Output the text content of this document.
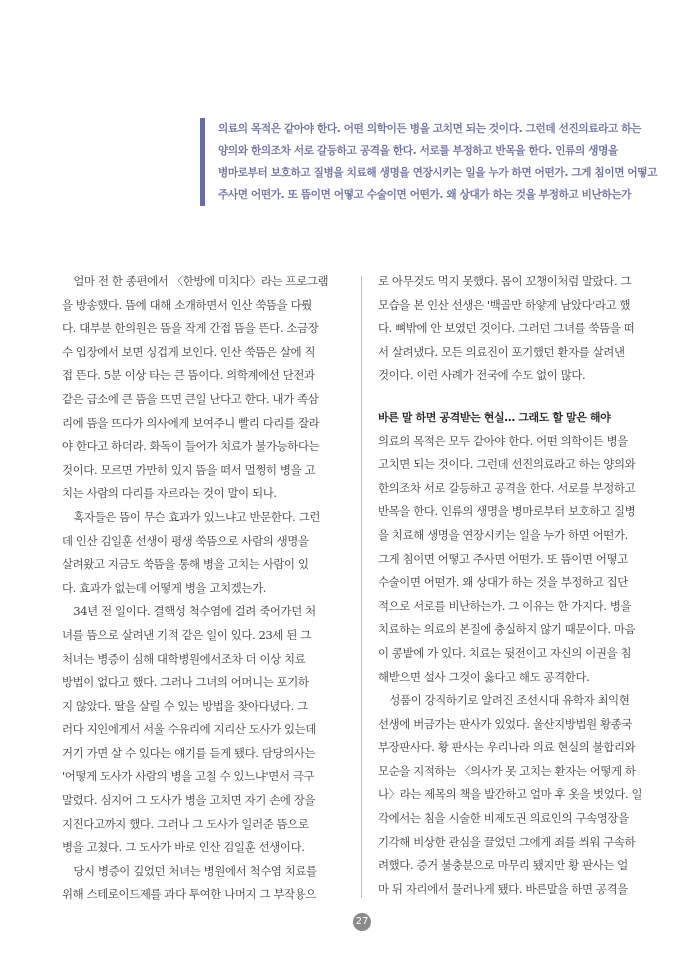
의료의 목적은 같아야 한다. 어떤 의학이든 병을 고치면 되는 것이다. 그런데 선진의료라고 하는
양의와 한의조차 서로 갈등하고 공격을 한다. 서로를 부정하고 반목을 한다. 인류의 생명을
병마로부터 보호하고 질병을 치료해 생명을 연장시키는 일을 누가 하면 어떤가. 그게 침이면 어떻고
주사면 어떤가. 또 뜸이면 어떻고 수술이면 어떤가. 왜 상대가 하는 것을 부정하고 비난하는가
얼마 전 한 종편에서 〈한방에 미치다〉라는 프로그램
을 방송했다. 뜸에 대해 소개하면서 인산 쑥뜸을 다뤘
다. 대부분 한의원은 뜸을 작게 간접 뜸을 뜬다. 소금장
수 입장에서 보면 싱겁게 보인다. 인산 쑥뜸은 살에 직
접 뜬다. 5분 이상 타는 큰 뜸이다. 의학계에선 단전과
같은 급소에 큰 뜸을 뜨면 큰일 난다고 한다. 내가 족삼
리에 뜸을 뜨다가 의사에게 보여주니 빨리 다리를 잘라
야 한다고 하더라. 화독이 들어가 치료가 불가능하다는
것이다. 모르면 가만히 있지 뜸을 떠서 멀쩡히 병을 고
치는 사람의 다리를 자르라는 것이 말이 되나.
혹자들은 뜸이 무슨 효과가 있느냐고 반문한다. 그런
데 인산 김일훈 선생이 평생 쑥뜸으로 사람의 생명을
살려왔고 지금도 쑥뜸을 통해 병을 고치는 사람이 있
다. 효과가 없는데 어떻게 병을 고치겠는가.
34년 전 일이다. 결핵성 척수염에 걸려 죽어가던 처
녀를 뜸으로 살려낸 기적 같은 일이 있다. 23세 된 그
처녀는 병증이 심해 대학병원에서조차 더 이상 치료
방법이 없다고 했다. 그러나 그녀의 어머니는 포기하
지 않았다. 딸을 살릴 수 있는 방법을 찾아다녔다. 그
러다 지인에게서 서울 수유리에 지리산 도사가 있는데
거기 가면 살 수 있다는 얘기를 듣게 됐다. 담당의사는
'어떻게 도사가 사람의 병을 고칠 수 있느냐'면서 극구
말렸다. 심지어 그 도사가 병을 고치면 자기 손에 장을
지진다고까지 했다. 그러나 그 도사가 일러준 뜸으로
병을 고쳤다. 그 도사가 바로 인산 김일훈 선생이다.
당시 병증이 깊었던 처녀는 병원에서 척수염 치료를
위해 스테로이드제를 과다 투여한 나머지 그 부작용으
로 아무것도 먹지 못했다. 몸이 꼬챙이처럼 말랐다. 그
모습을 본 인산 선생은 '백골만 하얗게 남았다'라고 했
다. 뼈밖에 안 보였던 것이다. 그러던 그녀를 쑥뜸을 떠
서 살려냈다. 모든 의료진이 포기했던 환자를 살려낸
것이다. 이런 사례가 전국에 수도 없이 많다.
바른 말 하면 공격받는 현실… 그래도 할 말은 해야
의료의 목적은 모두 같아야 한다. 어떤 의학이든 병을
고치면 되는 것이다. 그런데 선진의료라고 하는 양의와
한의조차 서로 갈등하고 공격을 한다. 서로를 부정하고
반목을 한다. 인류의 생명을 병마로부터 보호하고 질병
을 치료해 생명을 연장시키는 일을 누가 하면 어떤가.
그게 침이면 어떻고 주사면 어떤가. 또 뜸이면 어떻고
수술이면 어떤가. 왜 상대가 하는 것을 부정하고 집단
적으로 서로를 비난하는가. 그 이유는 한 가지다. 병을
치료하는 의료의 본질에 충실하지 않기 때문이다. 마음
이 콩밭에 가 있다. 치료는 뒷전이고 자신의 이권을 침
해받으면 설사 그것이 옳다고 해도 공격한다.
성품이 강직하기로 알려진 조선시대 유학자 최익현
선생에 버금가는 판사가 있었다. 울산지방법원 황종국
부장판사다. 황 판사는 우리나라 의료 현실의 불합리와
모순을 지적하는 〈의사가 못 고치는 환자는 어떻게 하
나〉라는 제목의 책을 발간하고 얼마 후 옷을 벗었다. 일
각에서는 침을 시술한 비제도권 의료인의 구속영장을
기각해 비상한 관심을 끌었던 그에게 죄를 씌워 구속하
려했다. 증거 불충분으로 마무리 됐지만 황 판사는 얼
마 뒤 자리에서 물러나게 됐다. 바른말을 하면 공격을
27
